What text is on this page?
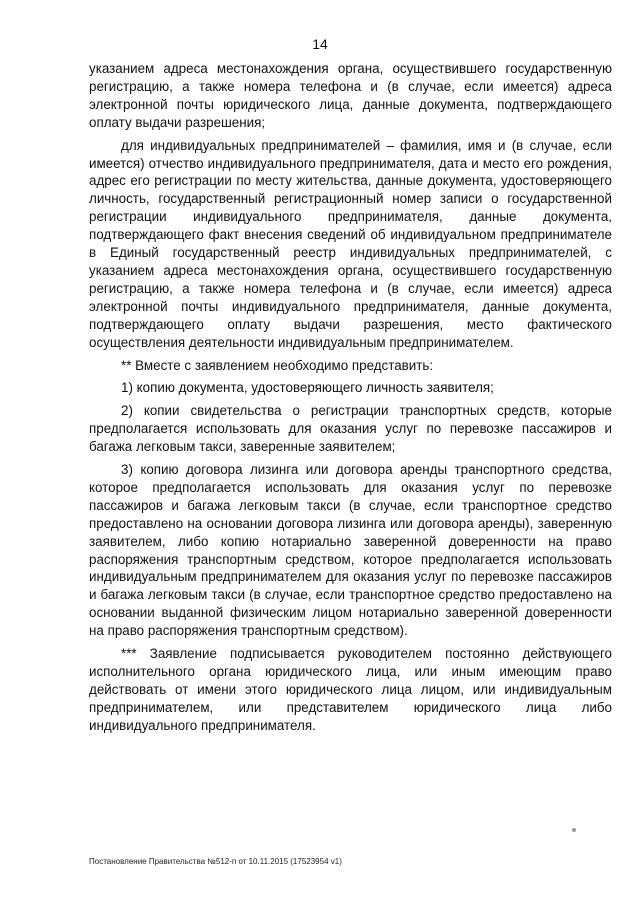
14

указанием адреса местонахождения органа, осуществившего государственную регистрацию, а также номера телефона и (в случае, если имеется) адреса электронной почты юридического лица, данные документа, подтверждающего оплату выдачи разрешения;

для индивидуальных предпринимателей – фамилия, имя и (в случае, если имеется) отчество индивидуального предпринимателя, дата и место его рождения, адрес его регистрации по месту жительства, данные документа, удостоверяющего личность, государственный регистрационный номер записи о государственной регистрации индивидуального предпринимателя, данные документа, подтверждающего факт внесения сведений об индивидуальном предпринимателе в Единый государственный реестр индивидуальных предпринимателей, с указанием адреса местонахождения органа, осуществившего государственную регистрацию, а также номера телефона и (в случае, если имеется) адреса электронной почты индивидуального предпринимателя, данные документа, подтверждающего оплату выдачи разрешения, место фактического осуществления деятельности индивидуальным предпринимателем.

** Вместе с заявлением необходимо представить:

1) копию документа, удостоверяющего личность заявителя;

2) копии свидетельства о регистрации транспортных средств, которые предполагается использовать для оказания услуг по перевозке пассажиров и багажа легковым такси, заверенные заявителем;

3) копию договора лизинга или договора аренды транспортного средства, которое предполагается использовать для оказания услуг по перевозке пассажиров и багажа легковым такси (в случае, если транспортное средство предоставлено на основании договора лизинга или договора аренды), заверенную заявителем, либо копию нотариально заверенной доверенности на право распоряжения транспортным средством, которое предполагается использовать индивидуальным предпринимателем для оказания услуг по перевозке пассажиров и багажа легковым такси (в случае, если транспортное средство предоставлено на основании выданной физическим лицом нотариально заверенной доверенности на право распоряжения транспортным средством).

*** Заявление подписывается руководителем постоянно действующего исполнительного органа юридического лица, или иным имеющим право действовать от имени этого юридического лица лицом, или индивидуальным предпринимателем, или представителем юридического лица либо индивидуального предпринимателя.

Постановление Правительства №512-п от 10.11.2015 (17523954 v1)
